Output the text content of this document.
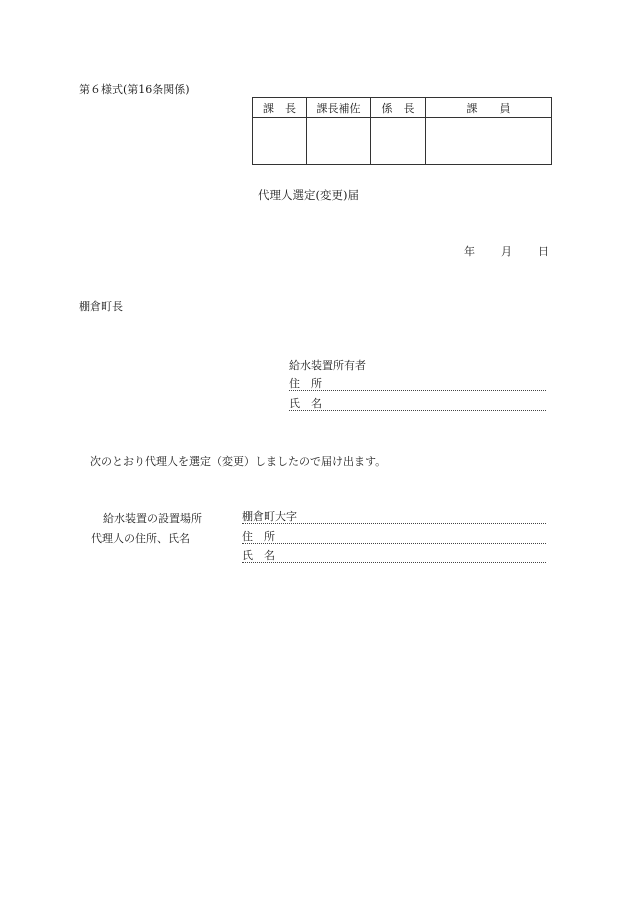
第６様式(第16条関係)
課　長	課長補佐	係　長	課　　員

代理人選定(変更)届
年 月 日
棚倉町長
給水装置所有者
住　所
氏　名
次のとおり代理人を選定（変更）しましたので届け出ます。
給水装置の設置場所	棚倉町大字
代理人の住所、氏名	住　所
氏　名
